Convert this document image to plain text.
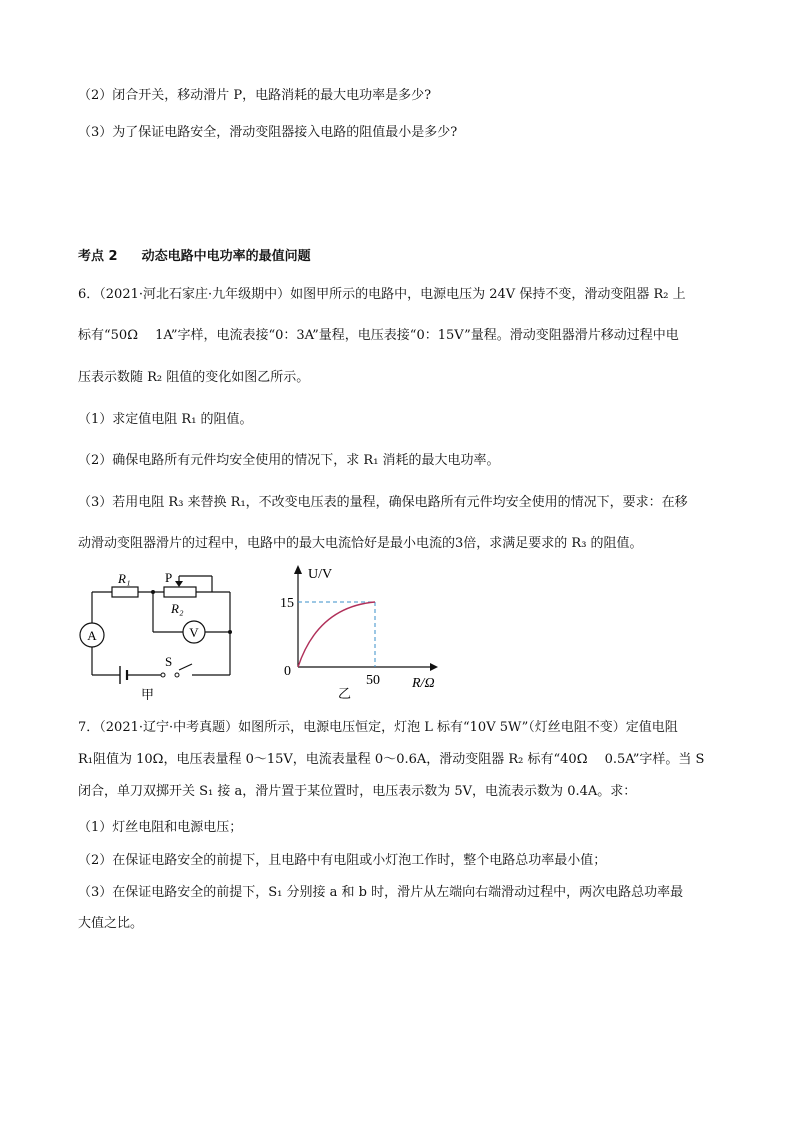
（2）闭合开关，移动滑片 P，电路消耗的最大电功率是多少?
（3）为了保证电路安全，滑动变阻器接入电路的阻值最小是多少?
考点 2 动态电路中电功率的最值问题
6．（2021·河北石家庄·九年级期中）如图甲所示的电路中，电源电压为 24V 保持不变，滑动变阻器 R₂ 上
标有“50Ω　 1A”字样，电流表接“0：3A”量程，电压表接“0：15V”量程。滑动变阻器滑片移动过程中电
压表示数随 R₂ 阻值的变化如图乙所示。
（1）求定值电阻 R₁ 的阻值。
（2）确保电路所有元件均安全使用的情况下，求 R₁ 消耗的最大电功率。
（3）若用电阻 R₃ 来替换 R₁，不改变电压表的量程，确保电路所有元件均安全使用的情况下，要求：在移
动滑动变阻器滑片的过程中，电路中的最大电流恰好是最小电流的3倍，求满足要求的 R₃ 的阻值。
A	V
R₁	P
R₂
S
甲
U/V
15
0
50 R/Ω
乙
7．（2021·辽宁·中考真题）如图所示，电源电压恒定，灯泡 L 标有“10V 5W”（灯丝电阻不变）定值电阻
R₁阻值为 10Ω，电压表量程 0～15V，电流表量程 0～0.6A，滑动变阻器 R₂ 标有“40Ω　 0.5A”字样。当 S
闭合，单刀双掷开关 S₁ 接 a，滑片置于某位置时，电压表示数为 5V，电流表示数为 0.4A。求：
（1）灯丝电阻和电源电压；
（2）在保证电路安全的前提下，且电路中有电阻或小灯泡工作时，整个电路总功率最小值；
（3）在保证电路安全的前提下，S₁ 分别接 a 和 b 时，滑片从左端向右端滑动过程中，两次电路总功率最
大值之比。
